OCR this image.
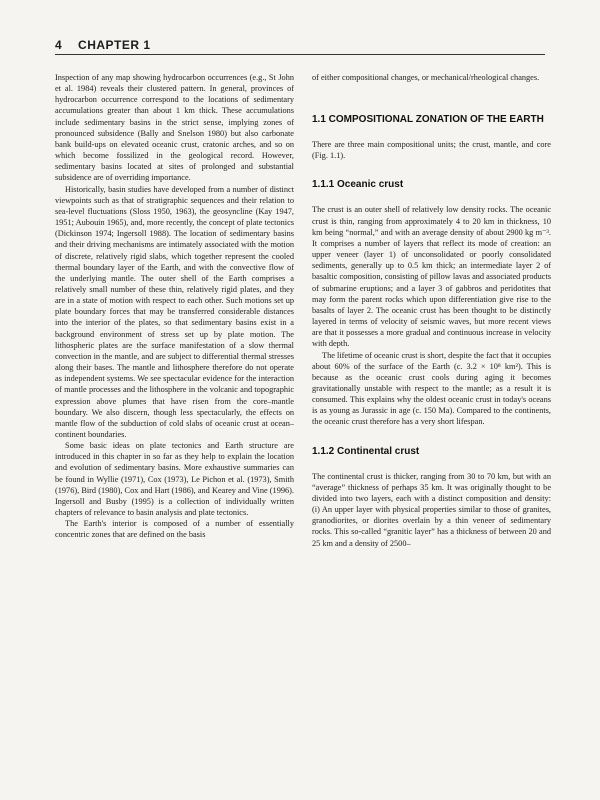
4 CHAPTER 1

Inspection of any map showing hydrocarbon occurrences (e.g., St John et al. 1984) reveals their clustered pattern. In general, provinces of hydrocarbon occurrence correspond to the locations of sedimentary accumulations greater than about 1 km thick. These accumulations include sedimentary basins in the strict sense, implying zones of pronounced subsidence (Bally and Snelson 1980) but also carbonate bank build-ups on elevated oceanic crust, cratonic arches, and so on which become fossilized in the geological record. However, sedimentary basins located at sites of prolonged and substantial subsidence are of overriding importance.

Historically, basin studies have developed from a number of distinct viewpoints such as that of stratigraphic sequences and their relation to sea-level fluctuations (Sloss 1950, 1963), the geosyncline (Kay 1947, 1951; Aubouin 1965), and, more recently, the concept of plate tectonics (Dickinson 1974; Ingersoll 1988). The location of sedimentary basins and their driving mechanisms are intimately associated with the motion of discrete, relatively rigid slabs, which together represent the cooled thermal boundary layer of the Earth, and with the convective flow of the underlying mantle. The outer shell of the Earth comprises a relatively small number of these thin, relatively rigid plates, and they are in a state of motion with respect to each other. Such motions set up plate boundary forces that may be transferred considerable distances into the interior of the plates, so that sedimentary basins exist in a background environment of stress set up by plate motion. The lithospheric plates are the surface manifestation of a slow thermal convection in the mantle, and are subject to differential thermal stresses along their bases. The mantle and lithosphere therefore do not operate as independent systems. We see spectacular evidence for the interaction of mantle processes and the lithosphere in the volcanic and topographic expression above plumes that have risen from the core–mantle boundary. We also discern, though less spectacularly, the effects on mantle flow of the subduction of cold slabs of oceanic crust at ocean–continent boundaries.

Some basic ideas on plate tectonics and Earth structure are introduced in this chapter in so far as they help to explain the location and evolution of sedimentary basins. More exhaustive summaries can be found in Wyllie (1971), Cox (1973), Le Pichon et al. (1973), Smith (1976), Bird (1980), Cox and Hart (1986), and Kearey and Vine (1996). Ingersoll and Busby (1995) is a collection of individually written chapters of relevance to basin analysis and plate tectonics.

The Earth's interior is composed of a number of essentially concentric zones that are defined on the basis

of either compositional changes, or mechanical/rheological changes.

1.1 COMPOSITIONAL ZONATION OF THE EARTH

There are three main compositional units; the crust, mantle, and core (Fig. 1.1).

1.1.1 Oceanic crust

The crust is an outer shell of relatively low density rocks. The oceanic crust is thin, ranging from approximately 4 to 20 km in thickness, 10 km being “normal,” and with an average density of about 2900 kg m⁻³. It comprises a number of layers that reflect its mode of creation: an upper veneer (layer 1) of unconsolidated or poorly consolidated sediments, generally up to 0.5 km thick; an intermediate layer 2 of basaltic composition, consisting of pillow lavas and associated products of submarine eruptions; and a layer 3 of gabbros and peridotites that may form the parent rocks which upon differentiation give rise to the basalts of layer 2. The oceanic crust has been thought to be distinctly layered in terms of velocity of seismic waves, but more recent views are that it possesses a more gradual and continuous increase in velocity with depth.

The lifetime of oceanic crust is short, despite the fact that it occupies about 60% of the surface of the Earth (c. 3.2 × 10⁸ km²). This is because as the oceanic crust cools during aging it becomes gravitationally unstable with respect to the mantle; as a result it is consumed. This explains why the oldest oceanic crust in today's oceans is as young as Jurassic in age (c. 150 Ma). Compared to the continents, the oceanic crust therefore has a very short lifespan.

1.1.2 Continental crust

The continental crust is thicker, ranging from 30 to 70 km, but with an “average” thickness of perhaps 35 km. It was originally thought to be divided into two layers, each with a distinct composition and density: (i) An upper layer with physical properties similar to those of granites, granodiorites, or diorites overlain by a thin veneer of sedimentary rocks. This so-called “granitic layer” has a thickness of between 20 and 25 km and a density of 2500–
